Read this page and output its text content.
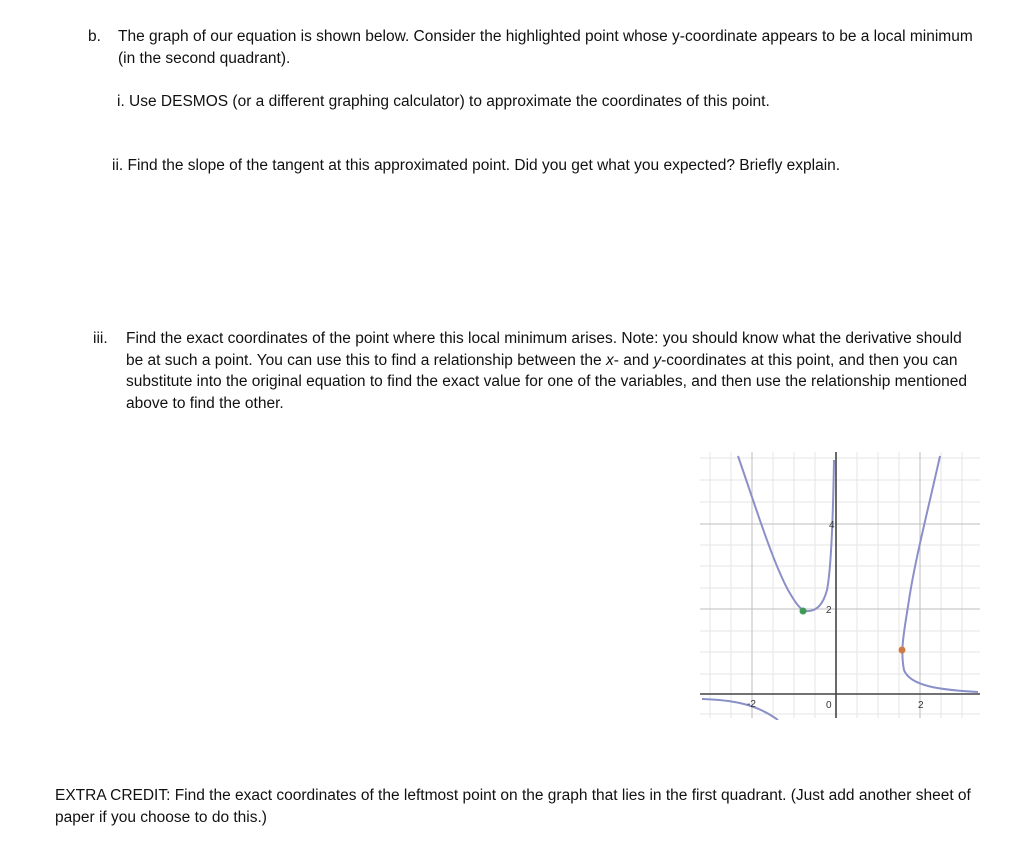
b. The graph of our equation is shown below. Consider the highlighted point whose y-coordinate appears to be a local minimum (in the second quadrant).

i. Use DESMOS (or a different graphing calculator) to approximate the coordinates of this point.

ii. Find the slope of the tangent at this approximated point. Did you get what you expected? Briefly explain.

iii. Find the exact coordinates of the point where this local minimum arises. Note: you should know what the derivative should be at such a point. You can use this to find a relationship between the x- and y-coordinates at this point, and then you can substitute into the original equation to find the exact value for one of the variables, and then use the relationship mentioned above to find the other.

-2	0	2
2
4

EXTRA CREDIT: Find the exact coordinates of the leftmost point on the graph that lies in the first quadrant. (Just add another sheet of paper if you choose to do this.)
